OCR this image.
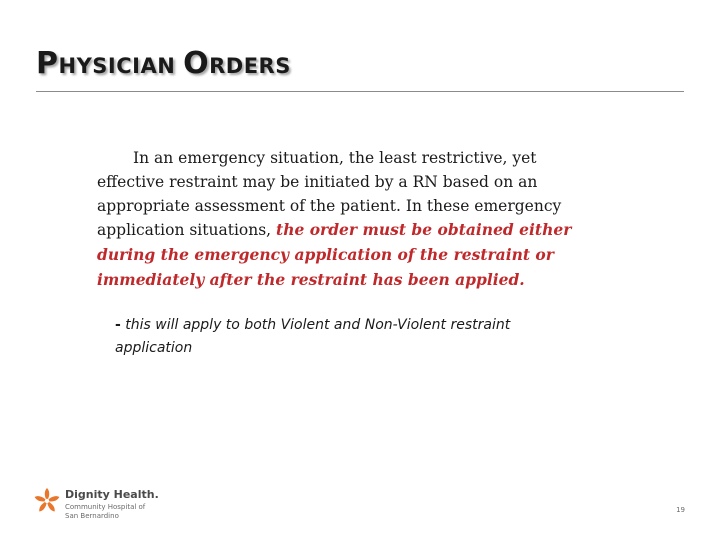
PHYSICIAN ORDERS
In an emergency situation, the least restrictive, yet effective restraint may be initiated by a RN based on an appropriate assessment of the patient. In these emergency application situations, the order must be obtained either during the emergency application of the restraint or immediately after the restraint has been applied.
- this will apply to both Violent and Non-Violent restraint application
Dignity Health.
Community Hospital of
San Bernardino
19
